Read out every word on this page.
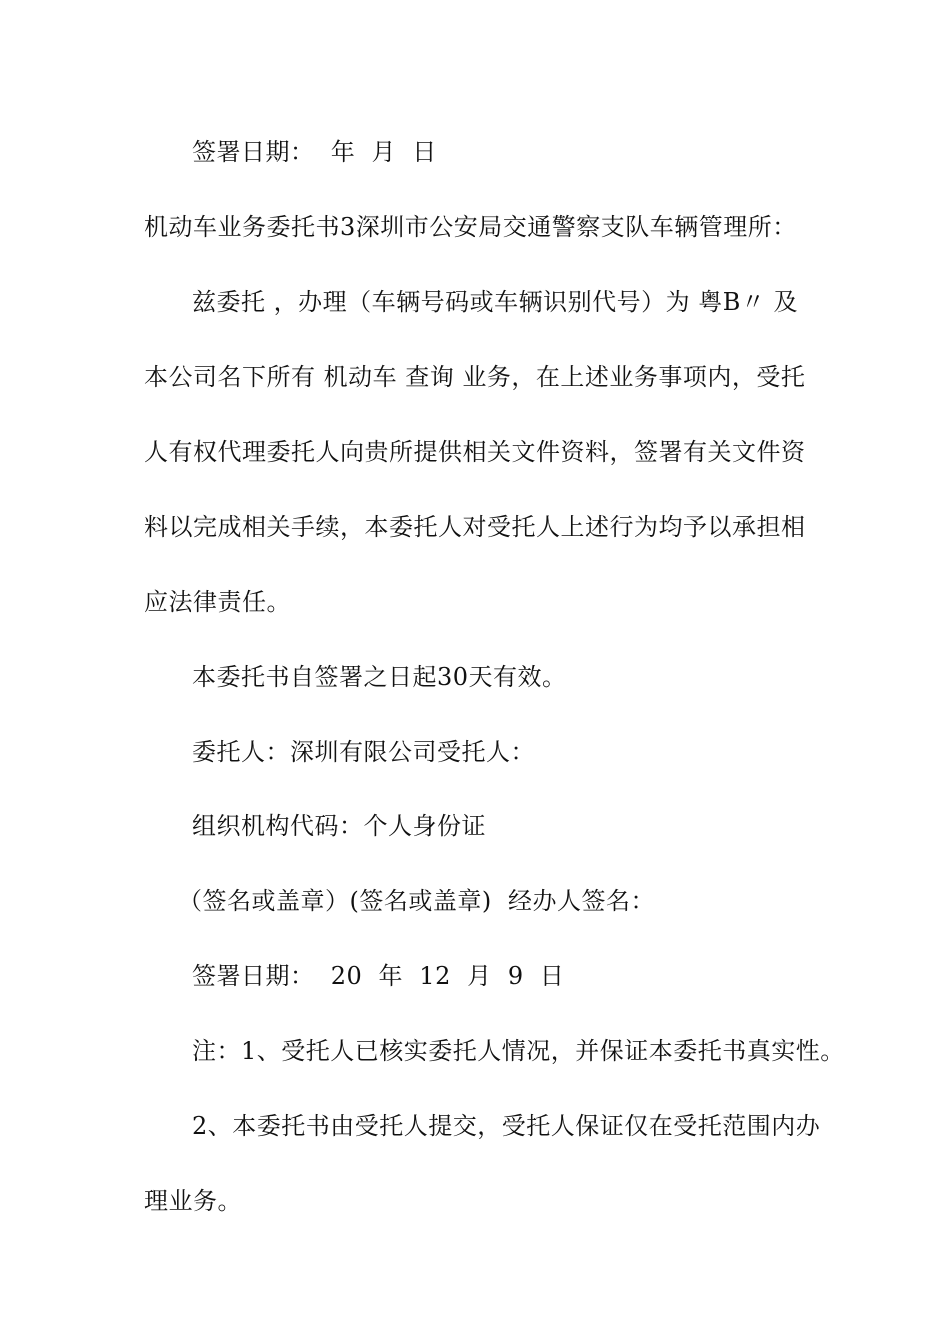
签署日期：  年  月  日
机动车业务委托书3深圳市公安局交通警察支队车辆管理所：
兹委托 ，办理（车辆号码或车辆识别代号）为 粤B〃 及
本公司名下所有 机动车 查询 业务，在上述业务事项内，受托
人有权代理委托人向贵所提供相关文件资料，签署有关文件资
料以完成相关手续，本委托人对受托人上述行为均予以承担相
应法律责任。
本委托书自签署之日起30天有效。
委托人：深圳有限公司受托人：
组织机构代码：个人身份证
（签名或盖章）(签名或盖章)  经办人签名：
签署日期：  20  年  12  月  9  日
注：1、受托人已核实委托人情况，并保证本委托书真实性。
2、本委托书由受托人提交，受托人保证仅在受托范围内办
理业务。
